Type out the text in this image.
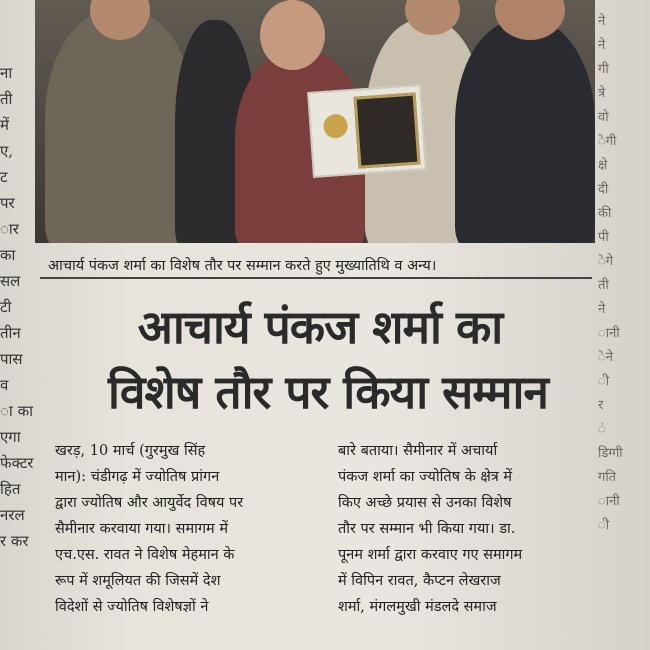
ना
ती
में
ए,
ट
पर
ार
का
सल
टी
तीन
पास
व
ा का
एगा
फेक्टर
हित
नरल
र कर
ने
ने
गी
त्रे
वो
ेगी
क्षे
दी
की
पी
ेगे
ती
ने
ानी
ेने
ी
र
ं
डिग्गी
गति
ानी
ी
आचार्य पंकज शर्मा का विशेष तौर पर सम्मान करते हुए मुख्यातिथि व अन्य।
आचार्य पंकज शर्मा का
विशेष तौर पर किया सम्मान
खरड़, 10 मार्च (गुरमुख सिंह
मान): चंडीगढ़ में ज्योतिष प्रांगन
द्वारा ज्योतिष और आयुर्वेद विषय पर
सैमीनार करवाया गया। समागम में
एच.एस. रावत ने विशेष मेहमान के
रूप में शमूलियत की जिसमें देश
विदेशों से ज्योतिष विशेषज्ञों ने
बारे बताया। सैमीनार में अचार्या
पंकज शर्मा का ज्योतिष के क्षेत्र में
किए अच्छे प्रयास से उनका विशेष
तौर पर सम्मान भी किया गया। डा.
पूनम शर्मा द्वारा करवाए गए समागम
में विपिन रावत, कैप्टन लेखराज
शर्मा, मंगलमुखी मंडलदे समाज
